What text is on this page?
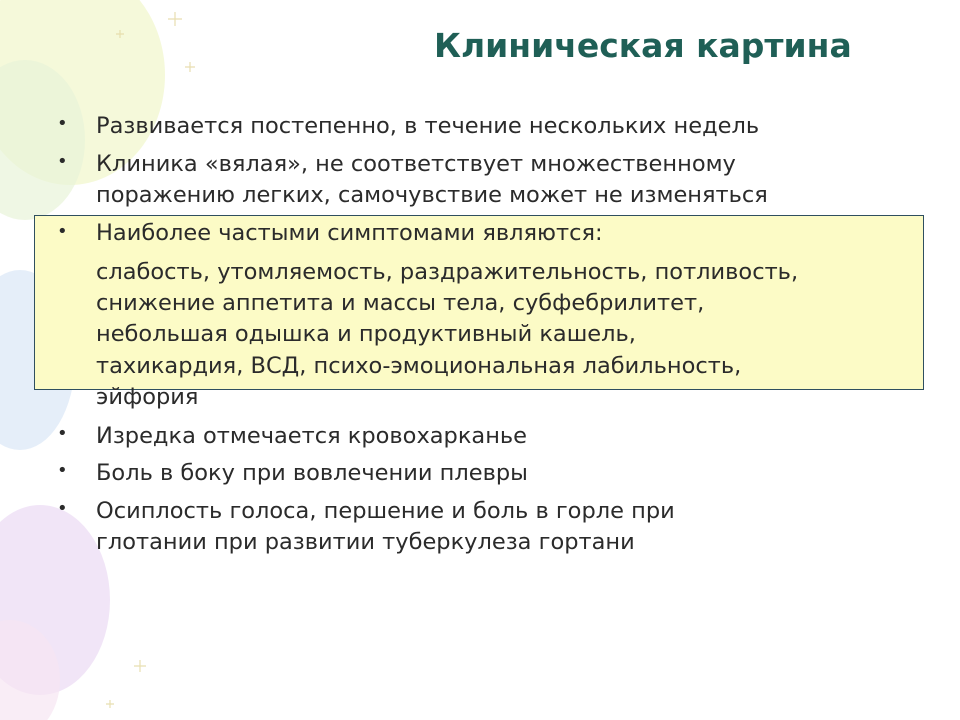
Клиническая картина
• Развивается постепенно, в течение нескольких недель
• Клиника «вялая», не соответствует множественному
поражению легких, самочувствие может не изменяться
• Наиболее частыми симптомами являются:
слабость, утомляемость, раздражительность, потливость,
снижение аппетита и массы тела, субфебрилитет,
небольшая одышка и продуктивный кашель,
тахикардия, ВСД, психо-эмоциональная лабильность,
эйфория
• Изредка отмечается кровохарканье
• Боль в боку при вовлечении плевры
• Осиплость голоса, першение и боль в горле при
глотании при развитии туберкулеза гортани
